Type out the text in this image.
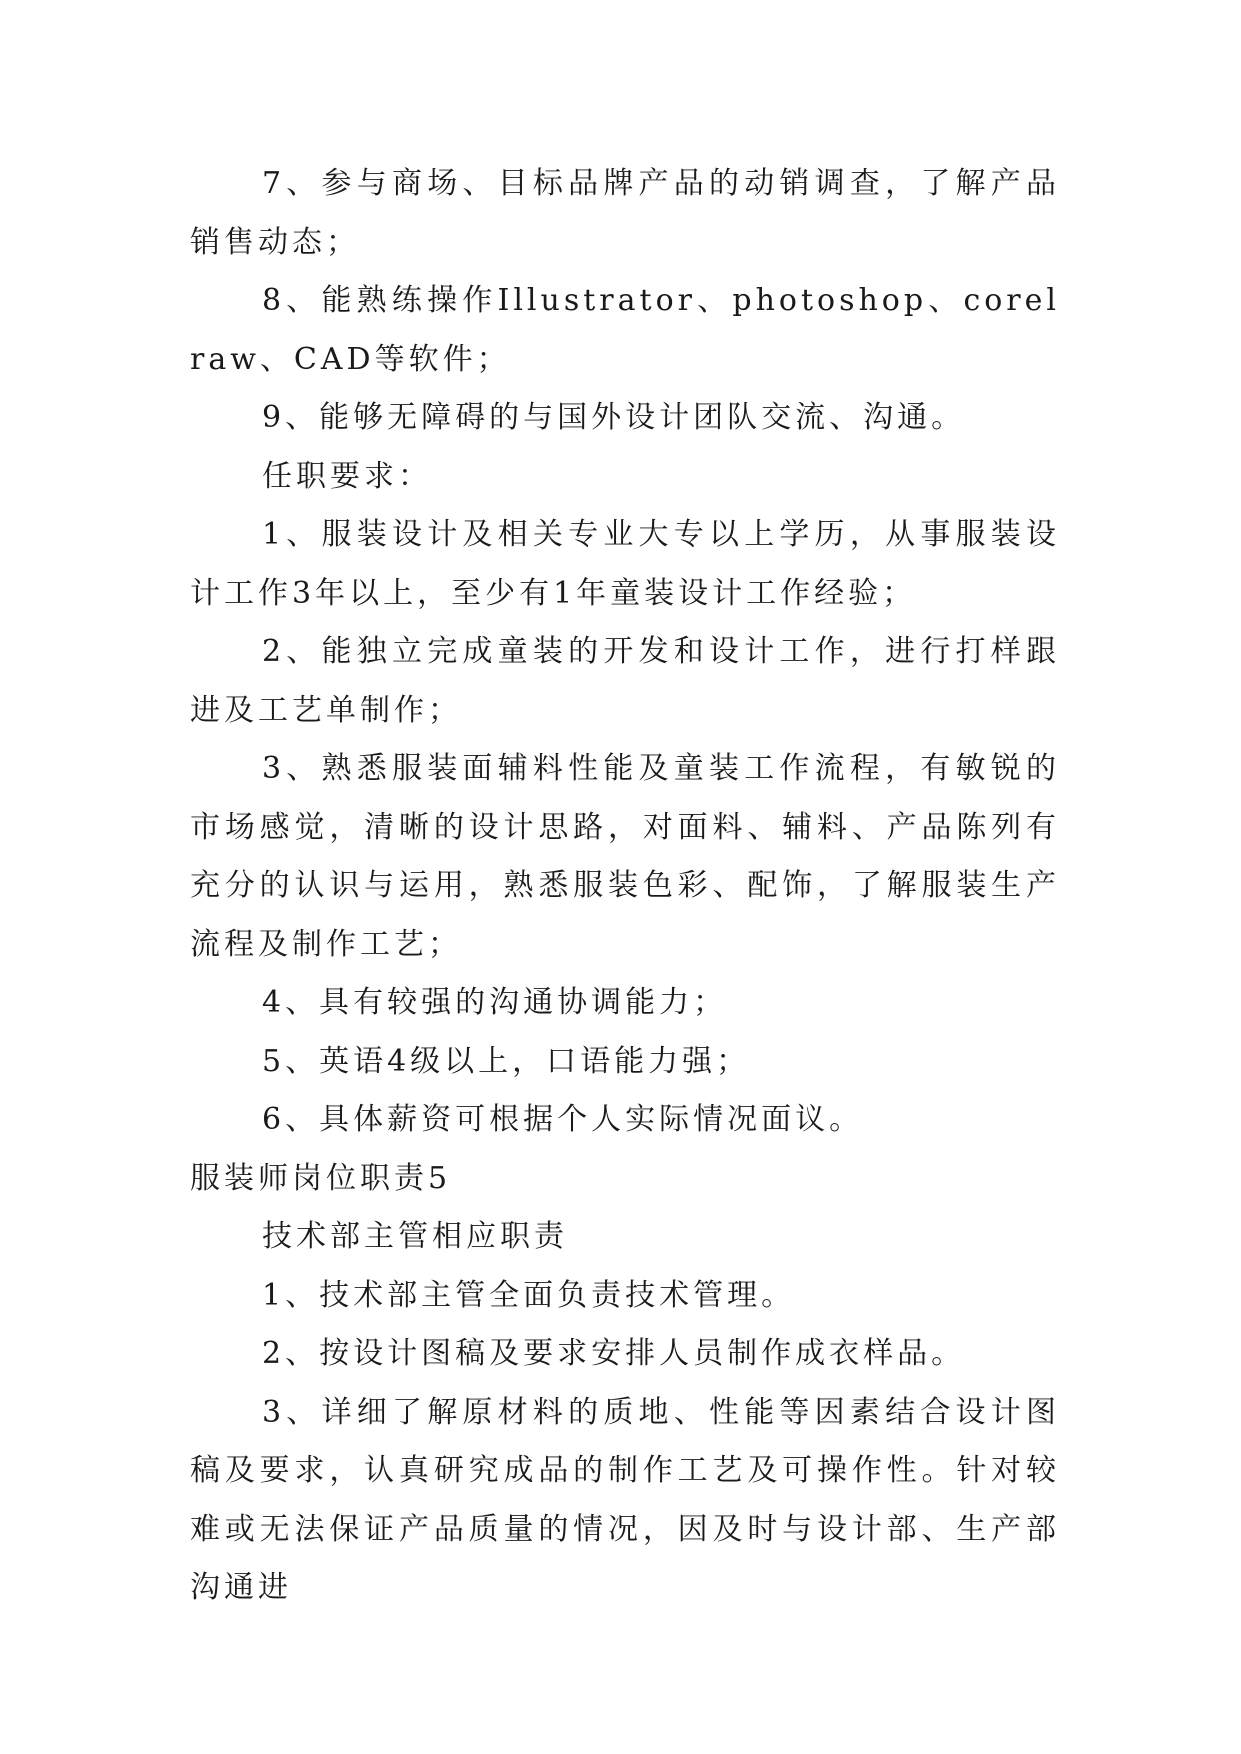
7、参与商场、目标品牌产品的动销调查，了解产品销售动态；

8、能熟练操作Illustrator、photoshop、corelraw、CAD等软件；

9、能够无障碍的与国外设计团队交流、沟通。

任职要求：

1、服装设计及相关专业大专以上学历，从事服装设计工作3年以上，至少有1年童装设计工作经验；

2、能独立完成童装的开发和设计工作，进行打样跟进及工艺单制作；

3、熟悉服装面辅料性能及童装工作流程，有敏锐的市场感觉，清晰的设计思路，对面料、辅料、产品陈列有充分的认识与运用，熟悉服装色彩、配饰，了解服装生产流程及制作工艺；

4、具有较强的沟通协调能力；

5、英语4级以上，口语能力强；

6、具体薪资可根据个人实际情况面议。

服装师岗位职责5

技术部主管相应职责

1、技术部主管全面负责技术管理。

2、按设计图稿及要求安排人员制作成衣样品。

3、详细了解原材料的质地、性能等因素结合设计图稿及要求，认真研究成品的制作工艺及可操作性。针对较难或无法保证产品质量的情况，因及时与设计部、生产部沟通进
